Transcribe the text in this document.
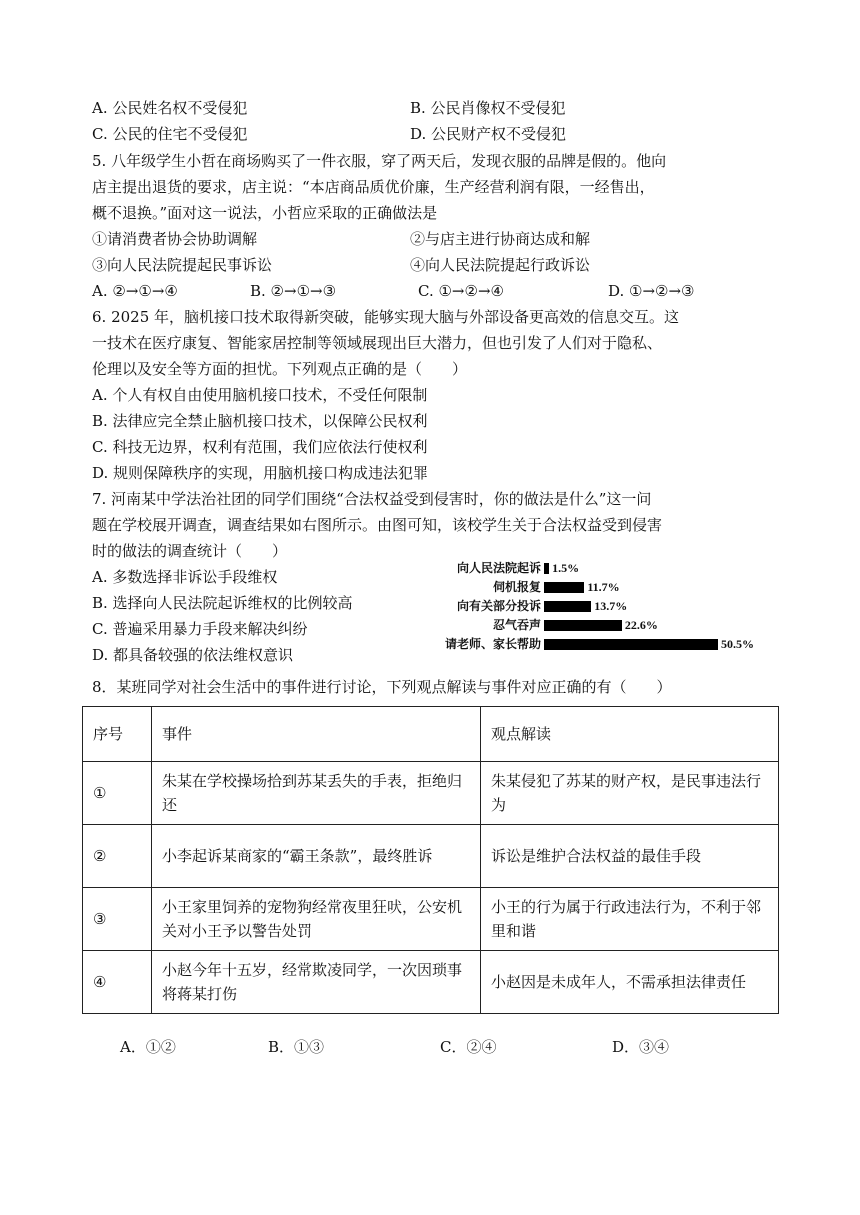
A. 公民姓名权不受侵犯	B. 公民肖像权不受侵犯
C. 公民的住宅不受侵犯	D. 公民财产权不受侵犯
5. 八年级学生小哲在商场购买了一件衣服，穿了两天后，发现衣服的品牌是假的。他向
店主提出退货的要求，店主说：“本店商品质优价廉，生产经营利润有限，一经售出，
概不退换。”面对这一说法，小哲应采取的正确做法是
①请消费者协会协助调解	②与店主进行协商达成和解
③向人民法院提起民事诉讼	④向人民法院提起行政诉讼
A. ②→①→④	B. ②→①→③	C. ①→②→④	D. ①→②→③
6. 2025 年，脑机接口技术取得新突破，能够实现大脑与外部设备更高效的信息交互。这
一技术在医疗康复、智能家居控制等领域展现出巨大潜力，但也引发了人们对于隐私、
伦理以及安全等方面的担忧。下列观点正确的是（　　）
A. 个人有权自由使用脑机接口技术，不受任何限制
B. 法律应完全禁止脑机接口技术，以保障公民权利
C. 科技无边界，权利有范围，我们应依法行使权利
D. 规则保障秩序的实现，用脑机接口构成违法犯罪
7. 河南某中学法治社团的同学们围绕“合法权益受到侵害时，你的做法是什么”这一问
题在学校展开调查，调查结果如右图所示。由图可知，该校学生关于合法权益受到侵害
时的做法的调查统计（　　）
A. 多数选择非诉讼手段维权
B. 选择向人民法院起诉维权的比例较高
C. 普遍采用暴力手段来解决纠纷
D. 都具备较强的依法维权意识
向人民法院起诉 1.5%
伺机报复	11.7%
向有关部分投诉	13.7%
忍气吞声	22.6%
请老师、家长帮助	50.5%
8．某班同学对社会生活中的事件进行讨论，下列观点解读与事件对应正确的有（　　）
序号	事件	观点解读
①	朱某在学校操场拾到苏某丢失的手表，拒绝归还	朱某侵犯了苏某的财产权，是民事违法行为
②	小李起诉某商家的“霸王条款”，最终胜诉	诉讼是维护合法权益的最佳手段
③	小王家里饲养的宠物狗经常夜里狂吠，公安机关对小王予以警告处罚	小王的行为属于行政违法行为，不利于邻里和谐
④	小赵今年十五岁，经常欺凌同学，一次因琐事将蒋某打伤	小赵因是未成年人，不需承担法律责任
A．①②	B．①③	C．②④	D．③④
